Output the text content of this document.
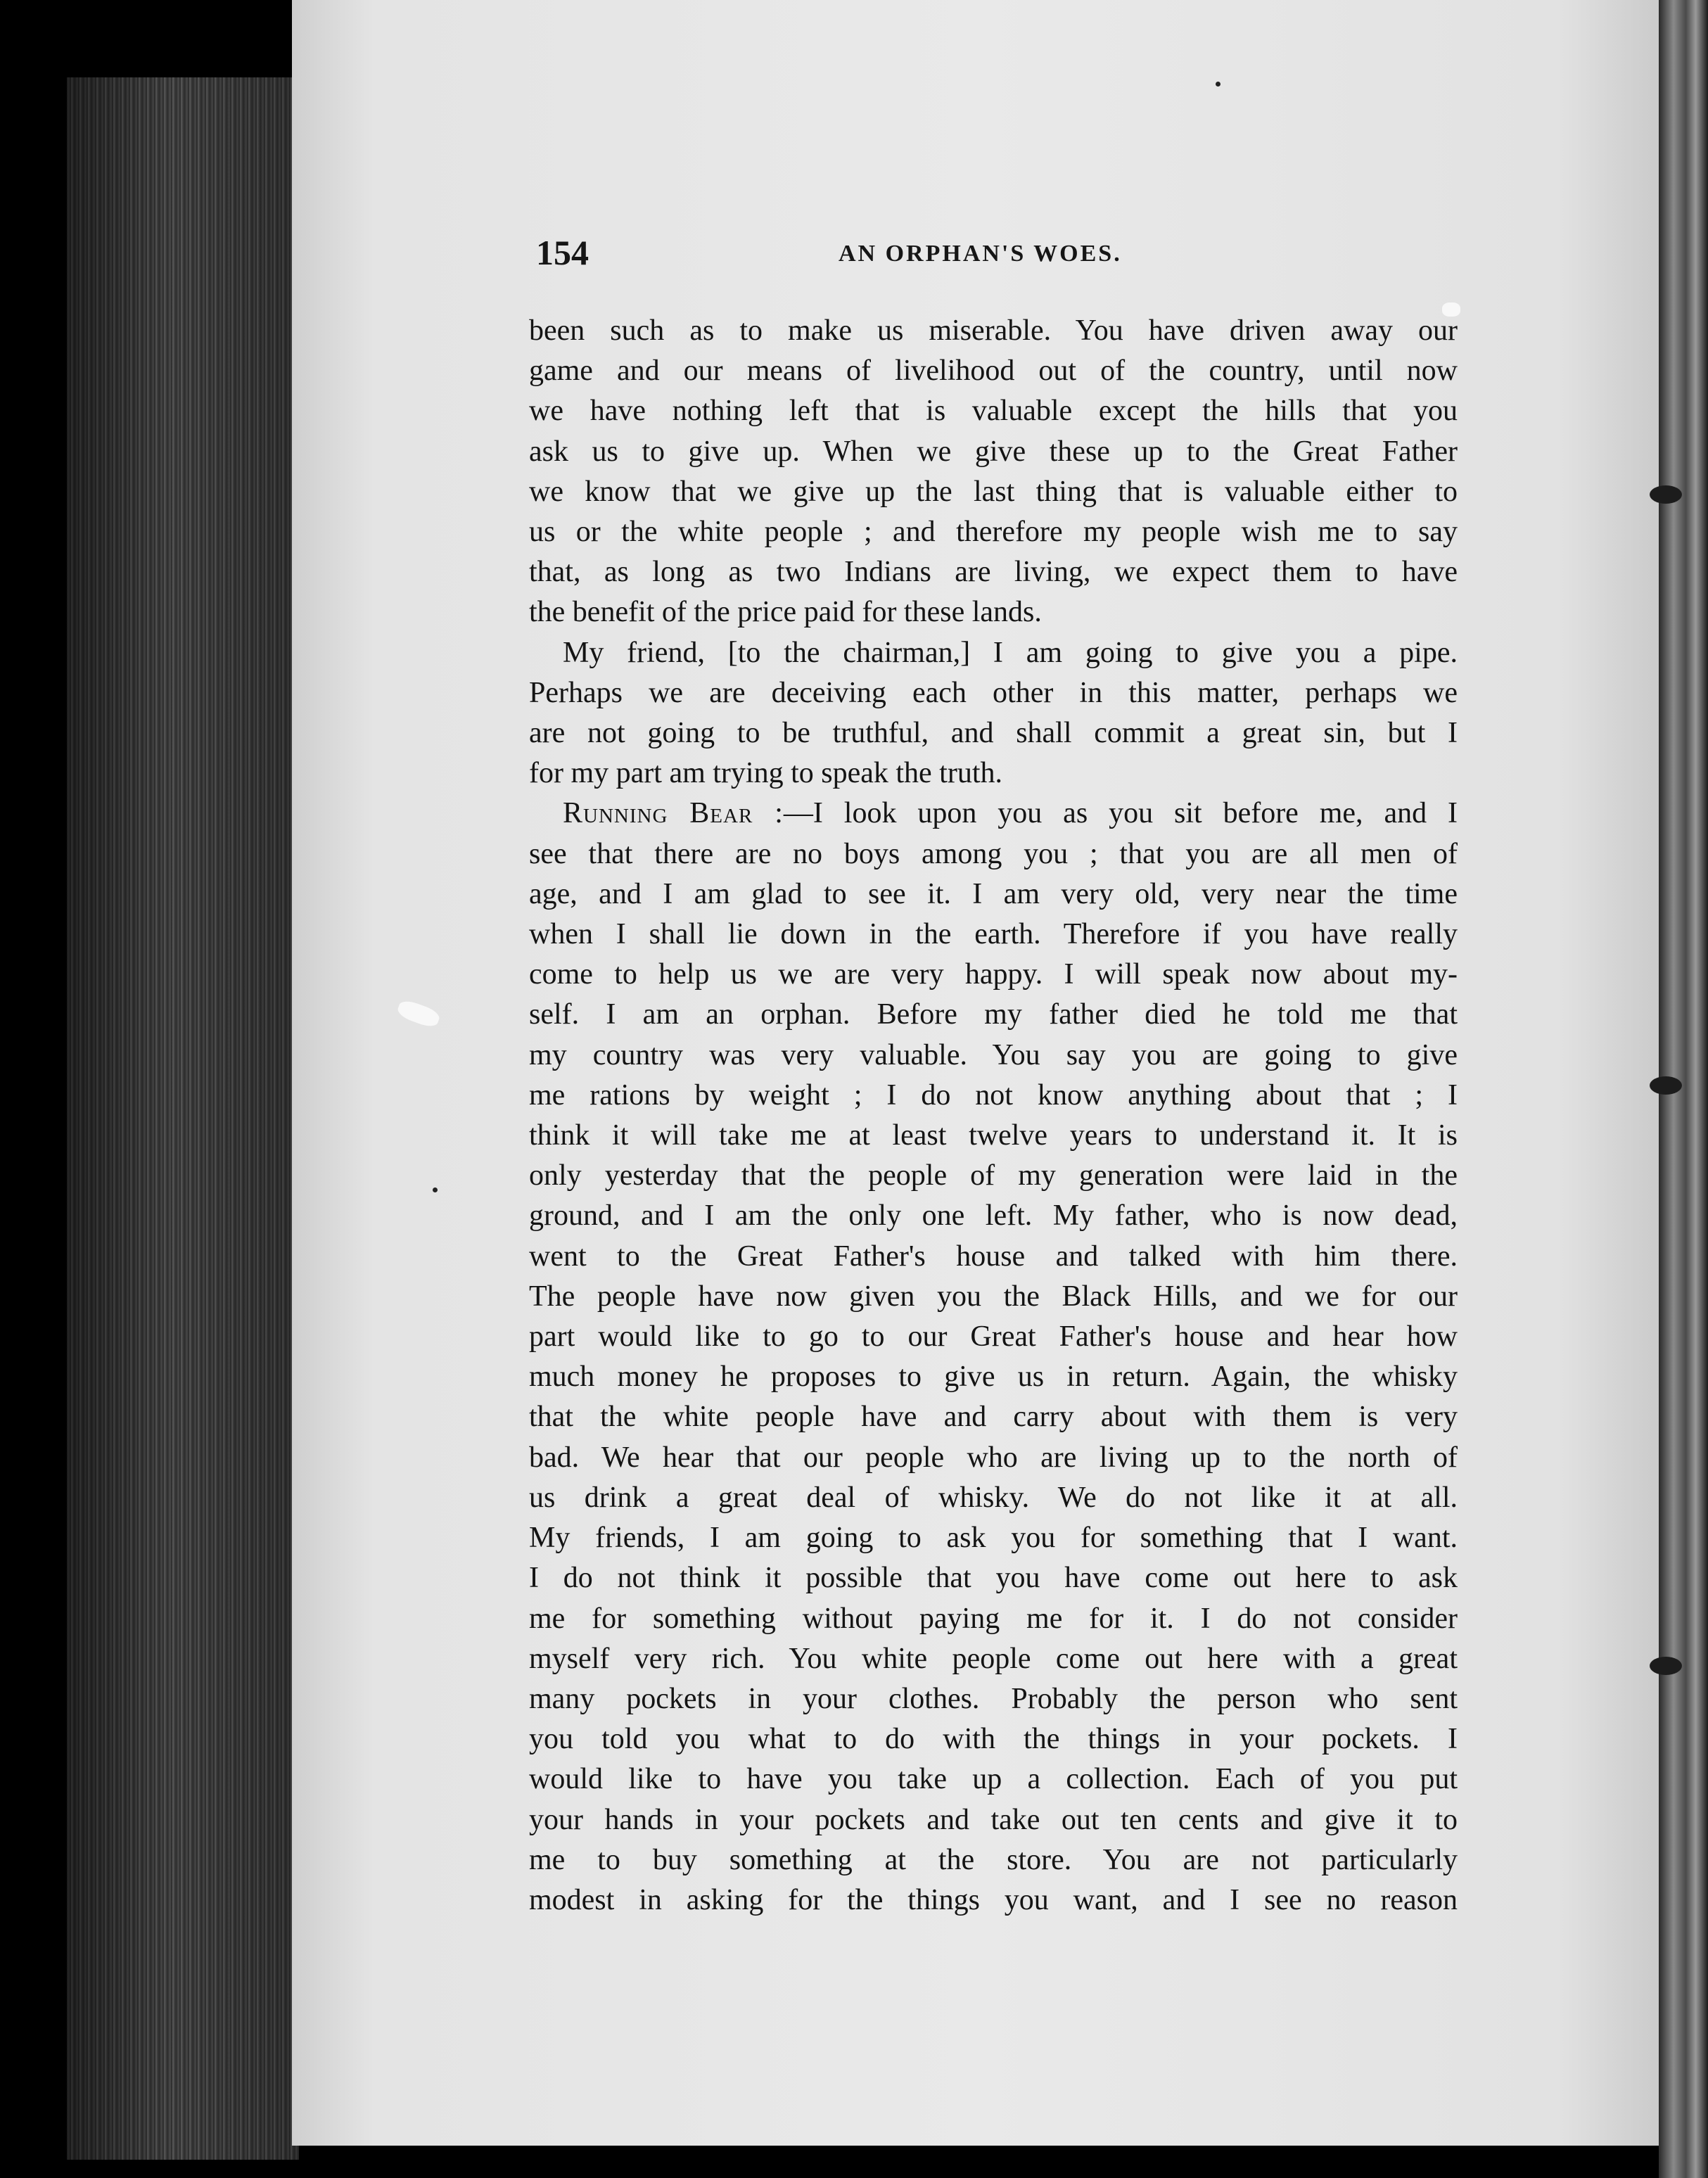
154	AN ORPHAN'S WOES.
been such as to make us miserable. You have driven away our
game and our means of livelihood out of the country, until now
we have nothing left that is valuable except the hills that you
ask us to give up. When we give these up to the Great Father
we know that we give up the last thing that is valuable either to
us or the white people ; and therefore my people wish me to say
that, as long as two Indians are living, we expect them to have
the benefit of the price paid for these lands.
My friend, [to the chairman,] I am going to give you a pipe.
Perhaps we are deceiving each other in this matter, perhaps we
are not going to be truthful, and shall commit a great sin, but I
for my part am trying to speak the truth.
Running Bear :—I look upon you as you sit before me, and I
see that there are no boys among you ; that you are all men of
age, and I am glad to see it. I am very old, very near the time
when I shall lie down in the earth. Therefore if you have really
come to help us we are very happy. I will speak now about my-
self. I am an orphan. Before my father died he told me that
my country was very valuable. You say you are going to give
me rations by weight ; I do not know anything about that ; I
think it will take me at least twelve years to understand it. It is
only yesterday that the people of my generation were laid in the
ground, and I am the only one left. My father, who is now dead,
went to the Great Father's house and talked with him there.
The people have now given you the Black Hills, and we for our
part would like to go to our Great Father's house and hear how
much money he proposes to give us in return. Again, the whisky
that the white people have and carry about with them is very
bad. We hear that our people who are living up to the north of
us drink a great deal of whisky. We do not like it at all.
My friends, I am going to ask you for something that I want.
I do not think it possible that you have come out here to ask
me for something without paying me for it. I do not consider
myself very rich. You white people come out here with a great
many pockets in your clothes. Probably the person who sent
you told you what to do with the things in your pockets. I
would like to have you take up a collection. Each of you put
your hands in your pockets and take out ten cents and give it to
me to buy something at the store. You are not particularly
modest in asking for the things you want, and I see no reason
